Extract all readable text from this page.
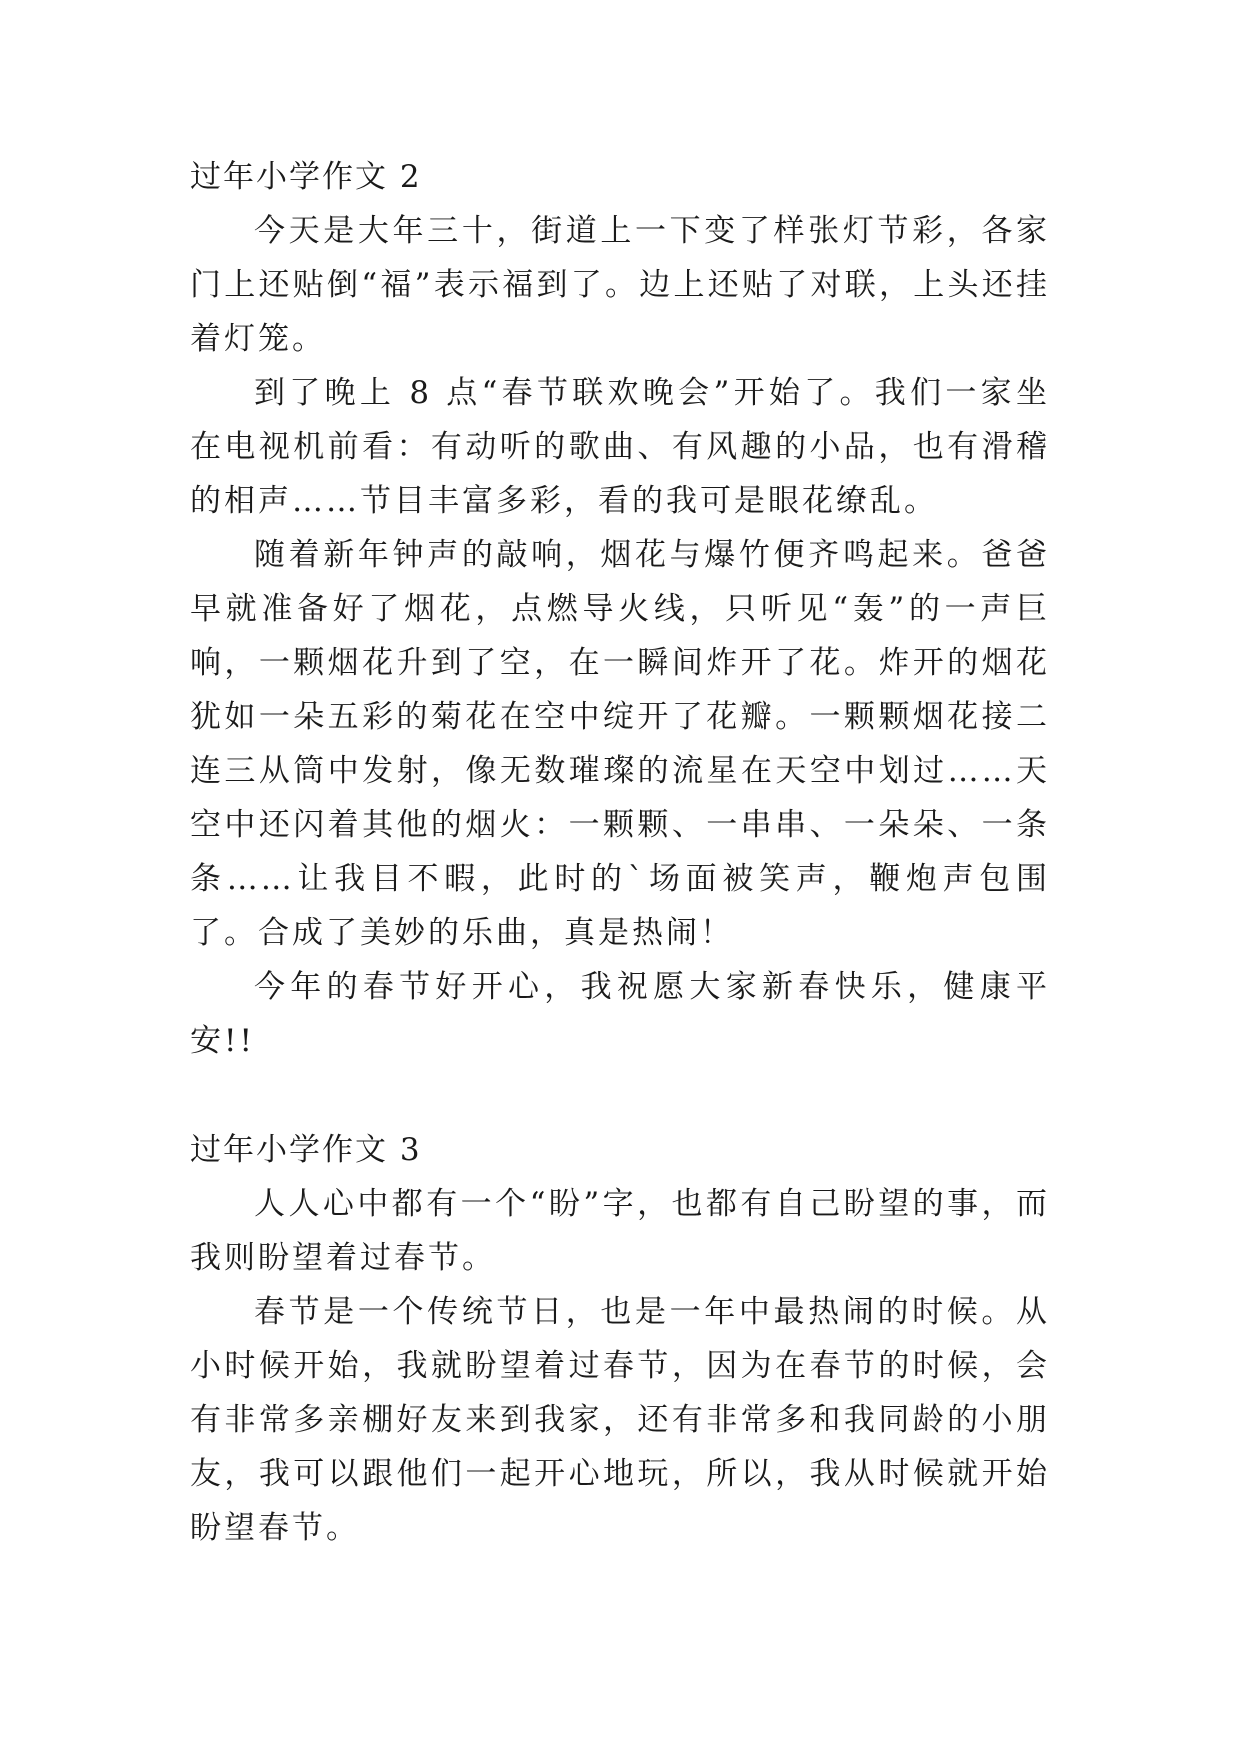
过年小学作文 2

今天是大年三十，街道上一下变了样张灯节彩，各家门上还贴倒“福”表示福到了。边上还贴了对联，上头还挂着灯笼。

到了晚上 8 点“春节联欢晚会”开始了。我们一家坐在电视机前看：有动听的歌曲、有风趣的小品，也有滑稽的相声……节目丰富多彩，看的我可是眼花缭乱。

随着新年钟声的敲响，烟花与爆竹便齐鸣起来。爸爸早就准备好了烟花，点燃导火线，只听见“轰”的一声巨响，一颗烟花升到了空，在一瞬间炸开了花。炸开的烟花犹如一朵五彩的菊花在空中绽开了花瓣。一颗颗烟花接二连三从筒中发射，像无数璀璨的流星在天空中划过……天空中还闪着其他的烟火：一颗颗、一串串、一朵朵、一条条……让我目不暇，此时的`场面被笑声，鞭炮声包围了。合成了美妙的乐曲，真是热闹！

今年的春节好开心，我祝愿大家新春快乐，健康平安!!

过年小学作文 3

人人心中都有一个“盼”字，也都有自己盼望的事，而我则盼望着过春节。

春节是一个传统节日，也是一年中最热闹的时候。从小时候开始，我就盼望着过春节，因为在春节的时候，会有非常多亲棚好友来到我家，还有非常多和我同龄的小朋友，我可以跟他们一起开心地玩，所以，我从时候就开始盼望春节。
